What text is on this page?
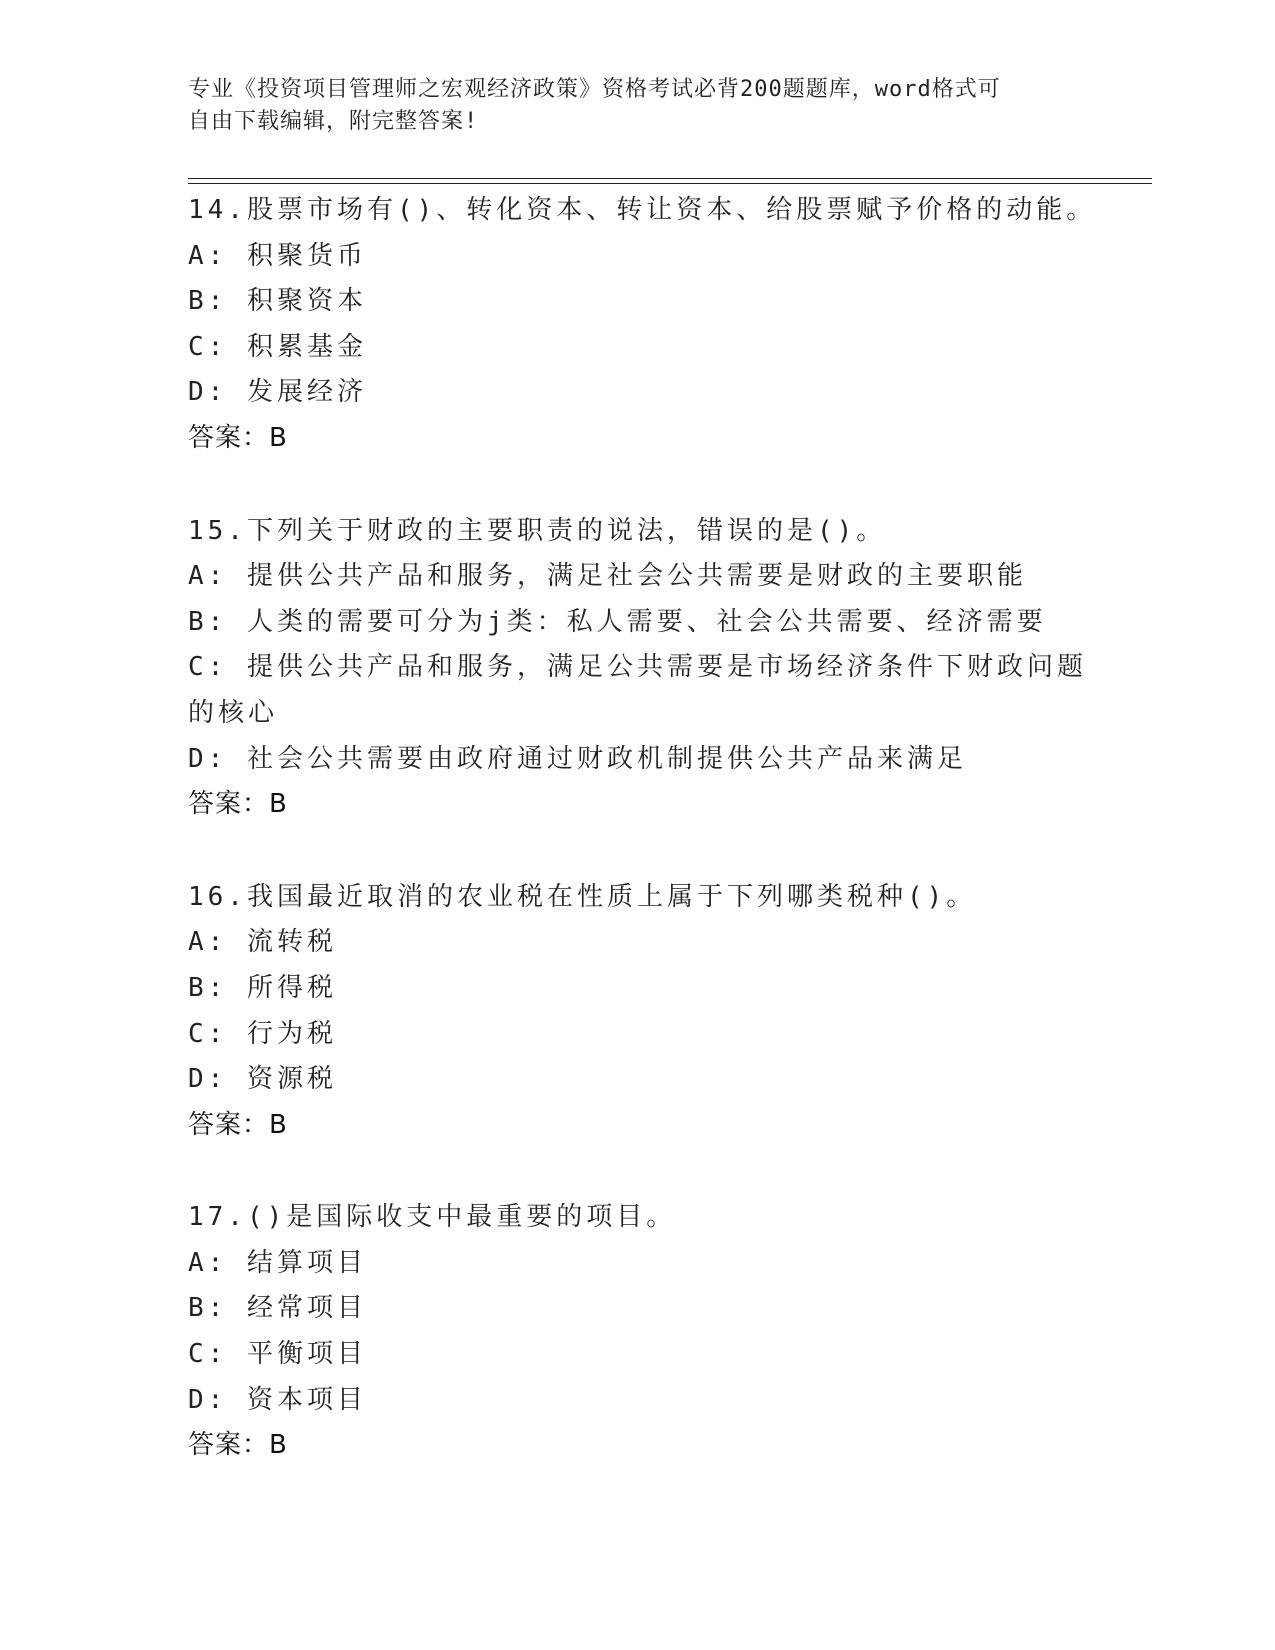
专业《投资项目管理师之宏观经济政策》资格考试必背200题题库，word格式可
自由下载编辑，附完整答案!
14.股票市场有()、转化资本、转让资本、给股票赋予价格的动能。
A: 积聚货币
B: 积聚资本
C: 积累基金
D: 发展经济
答案：B
15.下列关于财政的主要职责的说法，错误的是()。
A: 提供公共产品和服务，满足社会公共需要是财政的主要职能
B: 人类的需要可分为j类：私人需要、社会公共需要、经济需要
C: 提供公共产品和服务，满足公共需要是市场经济条件下财政问题的核心
D: 社会公共需要由政府通过财政机制提供公共产品来满足
答案：B
16.我国最近取消的农业税在性质上属于下列哪类税种()。
A: 流转税
B: 所得税
C: 行为税
D: 资源税
答案：B
17.()是国际收支中最重要的项目。
A: 结算项目
B: 经常项目
C: 平衡项目
D: 资本项目
答案：B
